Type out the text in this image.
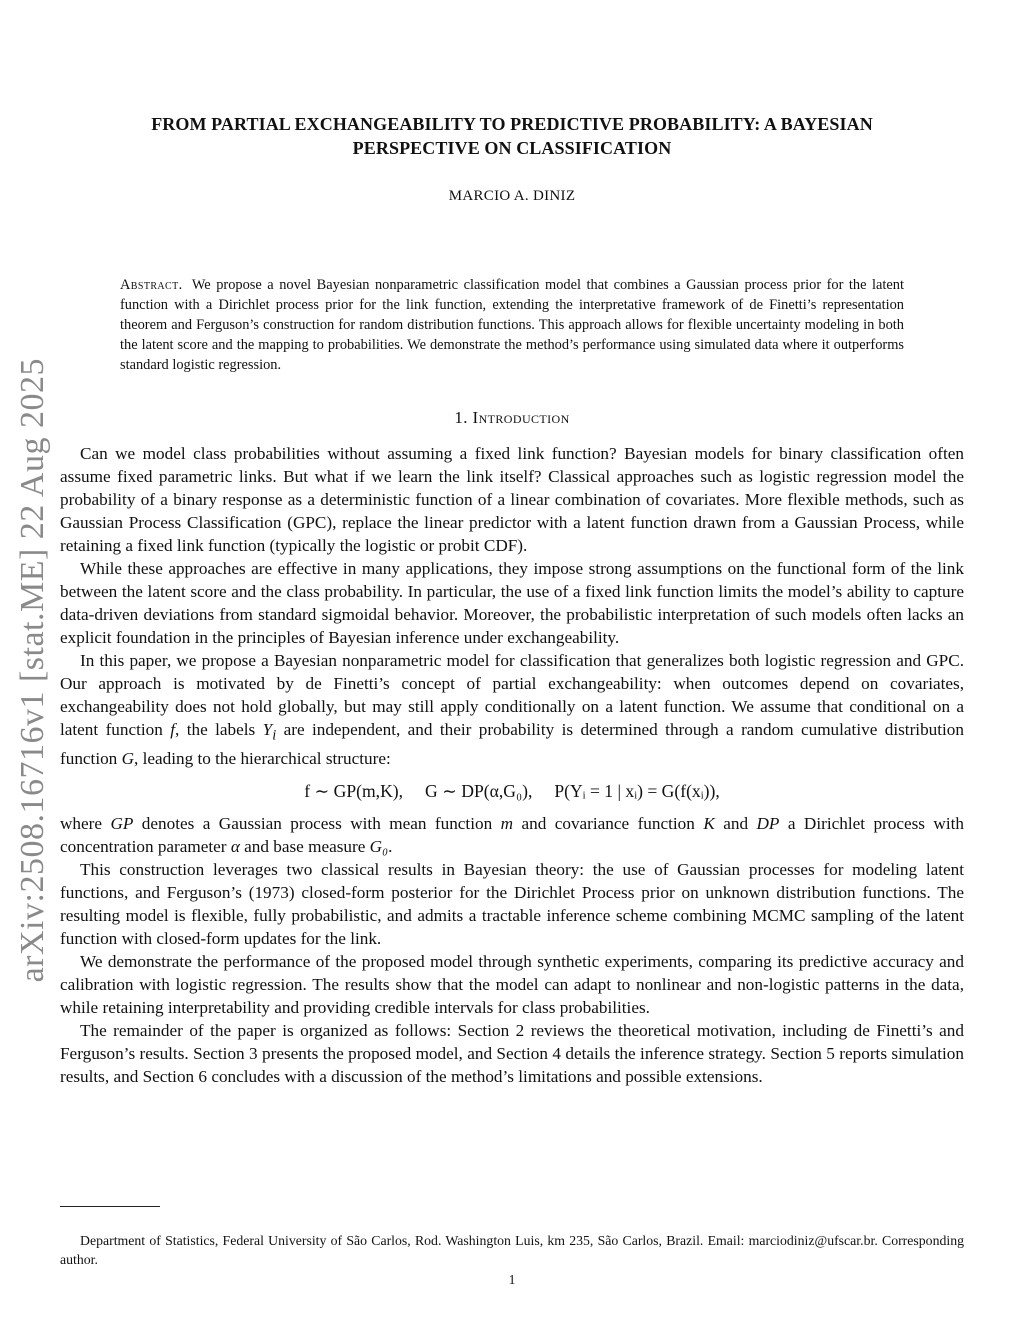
arXiv:2508.16716v1 [stat.ME] 22 Aug 2025
FROM PARTIAL EXCHANGEABILITY TO PREDICTIVE PROBABILITY: A BAYESIAN
PERSPECTIVE ON CLASSIFICATION
MARCIO A. DINIZ
Abstract. We propose a novel Bayesian nonparametric classification model that combines a Gaussian process prior for the latent function with a Dirichlet process prior for the link function, extending the interpretative framework of de Finetti’s representation theorem and Ferguson’s construction for random distribution functions. This approach allows for flexible uncertainty modeling in both the latent score and the mapping to probabilities. We demonstrate the method’s performance using simulated data where it outperforms standard logistic regression.
1. Introduction

Can we model class probabilities without assuming a fixed link function? Bayesian models for binary classification often assume fixed parametric links. But what if we learn the link itself? Classical approaches such as logistic regression model the probability of a binary response as a deterministic function of a linear combination of covariates. More flexible methods, such as Gaussian Process Classification (GPC), replace the linear predictor with a latent function drawn from a Gaussian Process, while retaining a fixed link function (typically the logistic or probit CDF).

While these approaches are effective in many applications, they impose strong assumptions on the functional form of the link between the latent score and the class probability. In particular, the use of a fixed link function limits the model’s ability to capture data-driven deviations from standard sigmoidal behavior. Moreover, the probabilistic interpretation of such models often lacks an explicit foundation in the principles of Bayesian inference under exchangeability.

In this paper, we propose a Bayesian nonparametric model for classification that generalizes both logistic regression and GPC. Our approach is motivated by de Finetti’s concept of partial exchangeability: when outcomes depend on covariates, exchangeability does not hold globally, but may still apply conditionally on a latent function. We assume that conditional on a latent function f, the labels $Y_i$ are independent, and their probability is determined through a random cumulative distribution function G, leading to the hierarchical structure:

f ∼ GP(m,K),     G ∼ DP(α,G₀),     P(Yᵢ = 1 | xᵢ) = G(f(xᵢ)),

where GP denotes a Gaussian process with mean function m and covariance function K and DP a Dirichlet process with concentration parameter α and base measure G₀.

This construction leverages two classical results in Bayesian theory: the use of Gaussian processes for modeling latent functions, and Ferguson’s (1973) closed-form posterior for the Dirichlet Process prior on unknown distribution functions. The resulting model is flexible, fully probabilistic, and admits a tractable inference scheme combining MCMC sampling of the latent function with closed-form updates for the link.

We demonstrate the performance of the proposed model through synthetic experiments, comparing its predictive accuracy and calibration with logistic regression. The results show that the model can adapt to nonlinear and non-logistic patterns in the data, while retaining interpretability and providing credible intervals for class probabilities.

The remainder of the paper is organized as follows: Section 2 reviews the theoretical motivation, including de Finetti’s and Ferguson’s results. Section 3 presents the proposed model, and Section 4 details the inference strategy. Section 5 reports simulation results, and Section 6 concludes with a discussion of the method’s limitations and possible extensions.

Department of Statistics, Federal University of São Carlos, Rod. Washington Luis, km 235, São Carlos, Brazil. Email: marciodiniz@ufscar.br. Corresponding author.
1
